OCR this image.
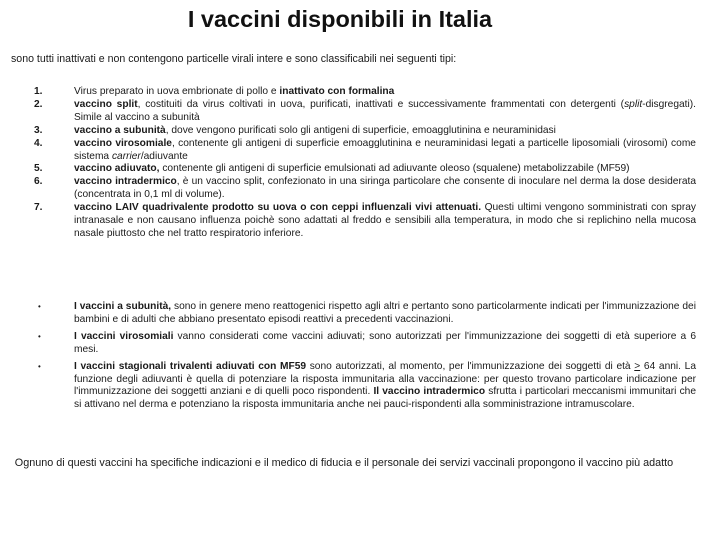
I vaccini disponibili in Italia
sono tutti inattivati e non contengono particelle virali intere e sono classificabili nei seguenti tipi:
1.	Virus preparato in uova embrionate di pollo e inattivato con formalina
2.	vaccino split, costituiti da virus coltivati in uova, purificati, inattivati e successivamente frammentati con detergenti (split-disgregati). Simile al vaccino a subunità
3.	vaccino a subunità, dove vengono purificati solo gli antigeni di superficie, emoagglutinina e neuraminidasi
4.	vaccino virosomiale, contenente gli antigeni di superficie emoagglutinina e neuraminidasi legati a particelle liposomiali (virosomi) come sistema carrier/adiuvante
5.	vaccino adiuvato, contenente gli antigeni di superficie emulsionati ad adiuvante oleoso (squalene) metabolizzabile (MF59)
6.	vaccino intradermico, è un vaccino split, confezionato in una siringa particolare che consente di inoculare nel derma la dose desiderata (concentrata in 0,1 ml di volume).
7.	vaccino LAIV quadrivalente prodotto su uova o con ceppi influenzali vivi attenuati. Questi ultimi vengono somministrati con spray intranasale e non causano influenza poichè sono adattati al freddo e sensibili alla temperatura, in modo che si replichino nella mucosa nasale piuttosto che nel tratto respiratorio inferiore.
•	I vaccini a subunità, sono in genere meno reattogenici rispetto agli altri e pertanto sono particolarmente indicati per l'immunizzazione dei bambini e di adulti che abbiano presentato episodi reattivi a precedenti vaccinazioni.
•	I vaccini virosomiali vanno considerati come vaccini adiuvati; sono autorizzati per l'immunizzazione dei soggetti di età superiore a 6 mesi.
•	I vaccini stagionali trivalenti adiuvati con MF59 sono autorizzati, al momento, per l'immunizzazione dei soggetti di età > 64 anni. La funzione degli adiuvanti è quella di potenziare la risposta immunitaria alla vaccinazione: per questo trovano particolare indicazione per l'immunizzazione dei soggetti anziani e di quelli poco rispondenti. Il vaccino intradermico sfrutta i particolari meccanismi immunitari che si attivano nel derma e potenziano la risposta immunitaria anche nei pauci-rispondenti alla somministrazione intramuscolare.
Ognuno di questi vaccini ha specifiche indicazioni e il medico di fiducia e il personale dei servizi vaccinali propongono il vaccino più adatto
